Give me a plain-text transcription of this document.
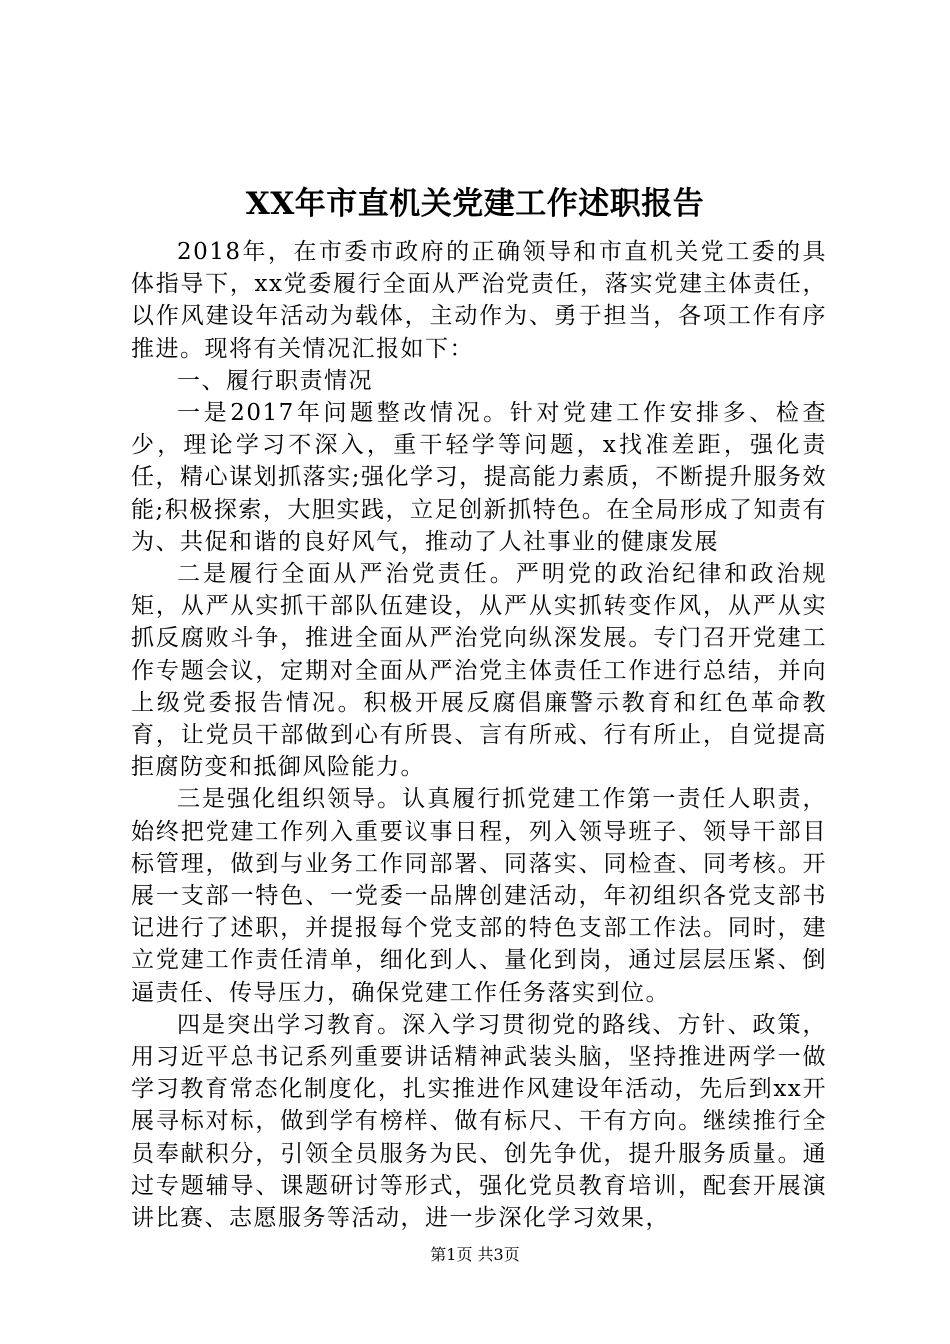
XX年市直机关党建工作述职报告

2018年，在市委市政府的正确领导和市直机关党工委的具体指导下，xx党委履行全面从严治党责任，落实党建主体责任，以作风建设年活动为载体，主动作为、勇于担当，各项工作有序推进。现将有关情况汇报如下：

一、履行职责情况

一是2017年问题整改情况。针对党建工作安排多、检查少，理论学习不深入，重干轻学等问题，x找准差距，强化责任，精心谋划抓落实;强化学习，提高能力素质，不断提升服务效能;积极探索，大胆实践，立足创新抓特色。在全局形成了知责有为、共促和谐的良好风气，推动了人社事业的健康发展

二是履行全面从严治党责任。严明党的政治纪律和政治规矩，从严从实抓干部队伍建设，从严从实抓转变作风，从严从实抓反腐败斗争，推进全面从严治党向纵深发展。专门召开党建工作专题会议，定期对全面从严治党主体责任工作进行总结，并向上级党委报告情况。积极开展反腐倡廉警示教育和红色革命教育，让党员干部做到心有所畏、言有所戒、行有所止，自觉提高拒腐防变和抵御风险能力。

三是强化组织领导。认真履行抓党建工作第一责任人职责，始终把党建工作列入重要议事日程，列入领导班子、领导干部目标管理，做到与业务工作同部署、同落实、同检查、同考核。开展一支部一特色、一党委一品牌创建活动，年初组织各党支部书记进行了述职，并提报每个党支部的特色支部工作法。同时，建立党建工作责任清单，细化到人、量化到岗，通过层层压紧、倒逼责任、传导压力，确保党建工作任务落实到位。

四是突出学习教育。深入学习贯彻党的路线、方针、政策，用习近平总书记系列重要讲话精神武装头脑，坚持推进两学一做学习教育常态化制度化，扎实推进作风建设年活动，先后到xx开展寻标对标，做到学有榜样、做有标尺、干有方向。继续推行全员奉献积分，引领全员服务为民、创先争优，提升服务质量。通过专题辅导、课题研讨等形式，强化党员教育培训，配套开展演讲比赛、志愿服务等活动，进一步深化学习效果，

第1页 共3页
